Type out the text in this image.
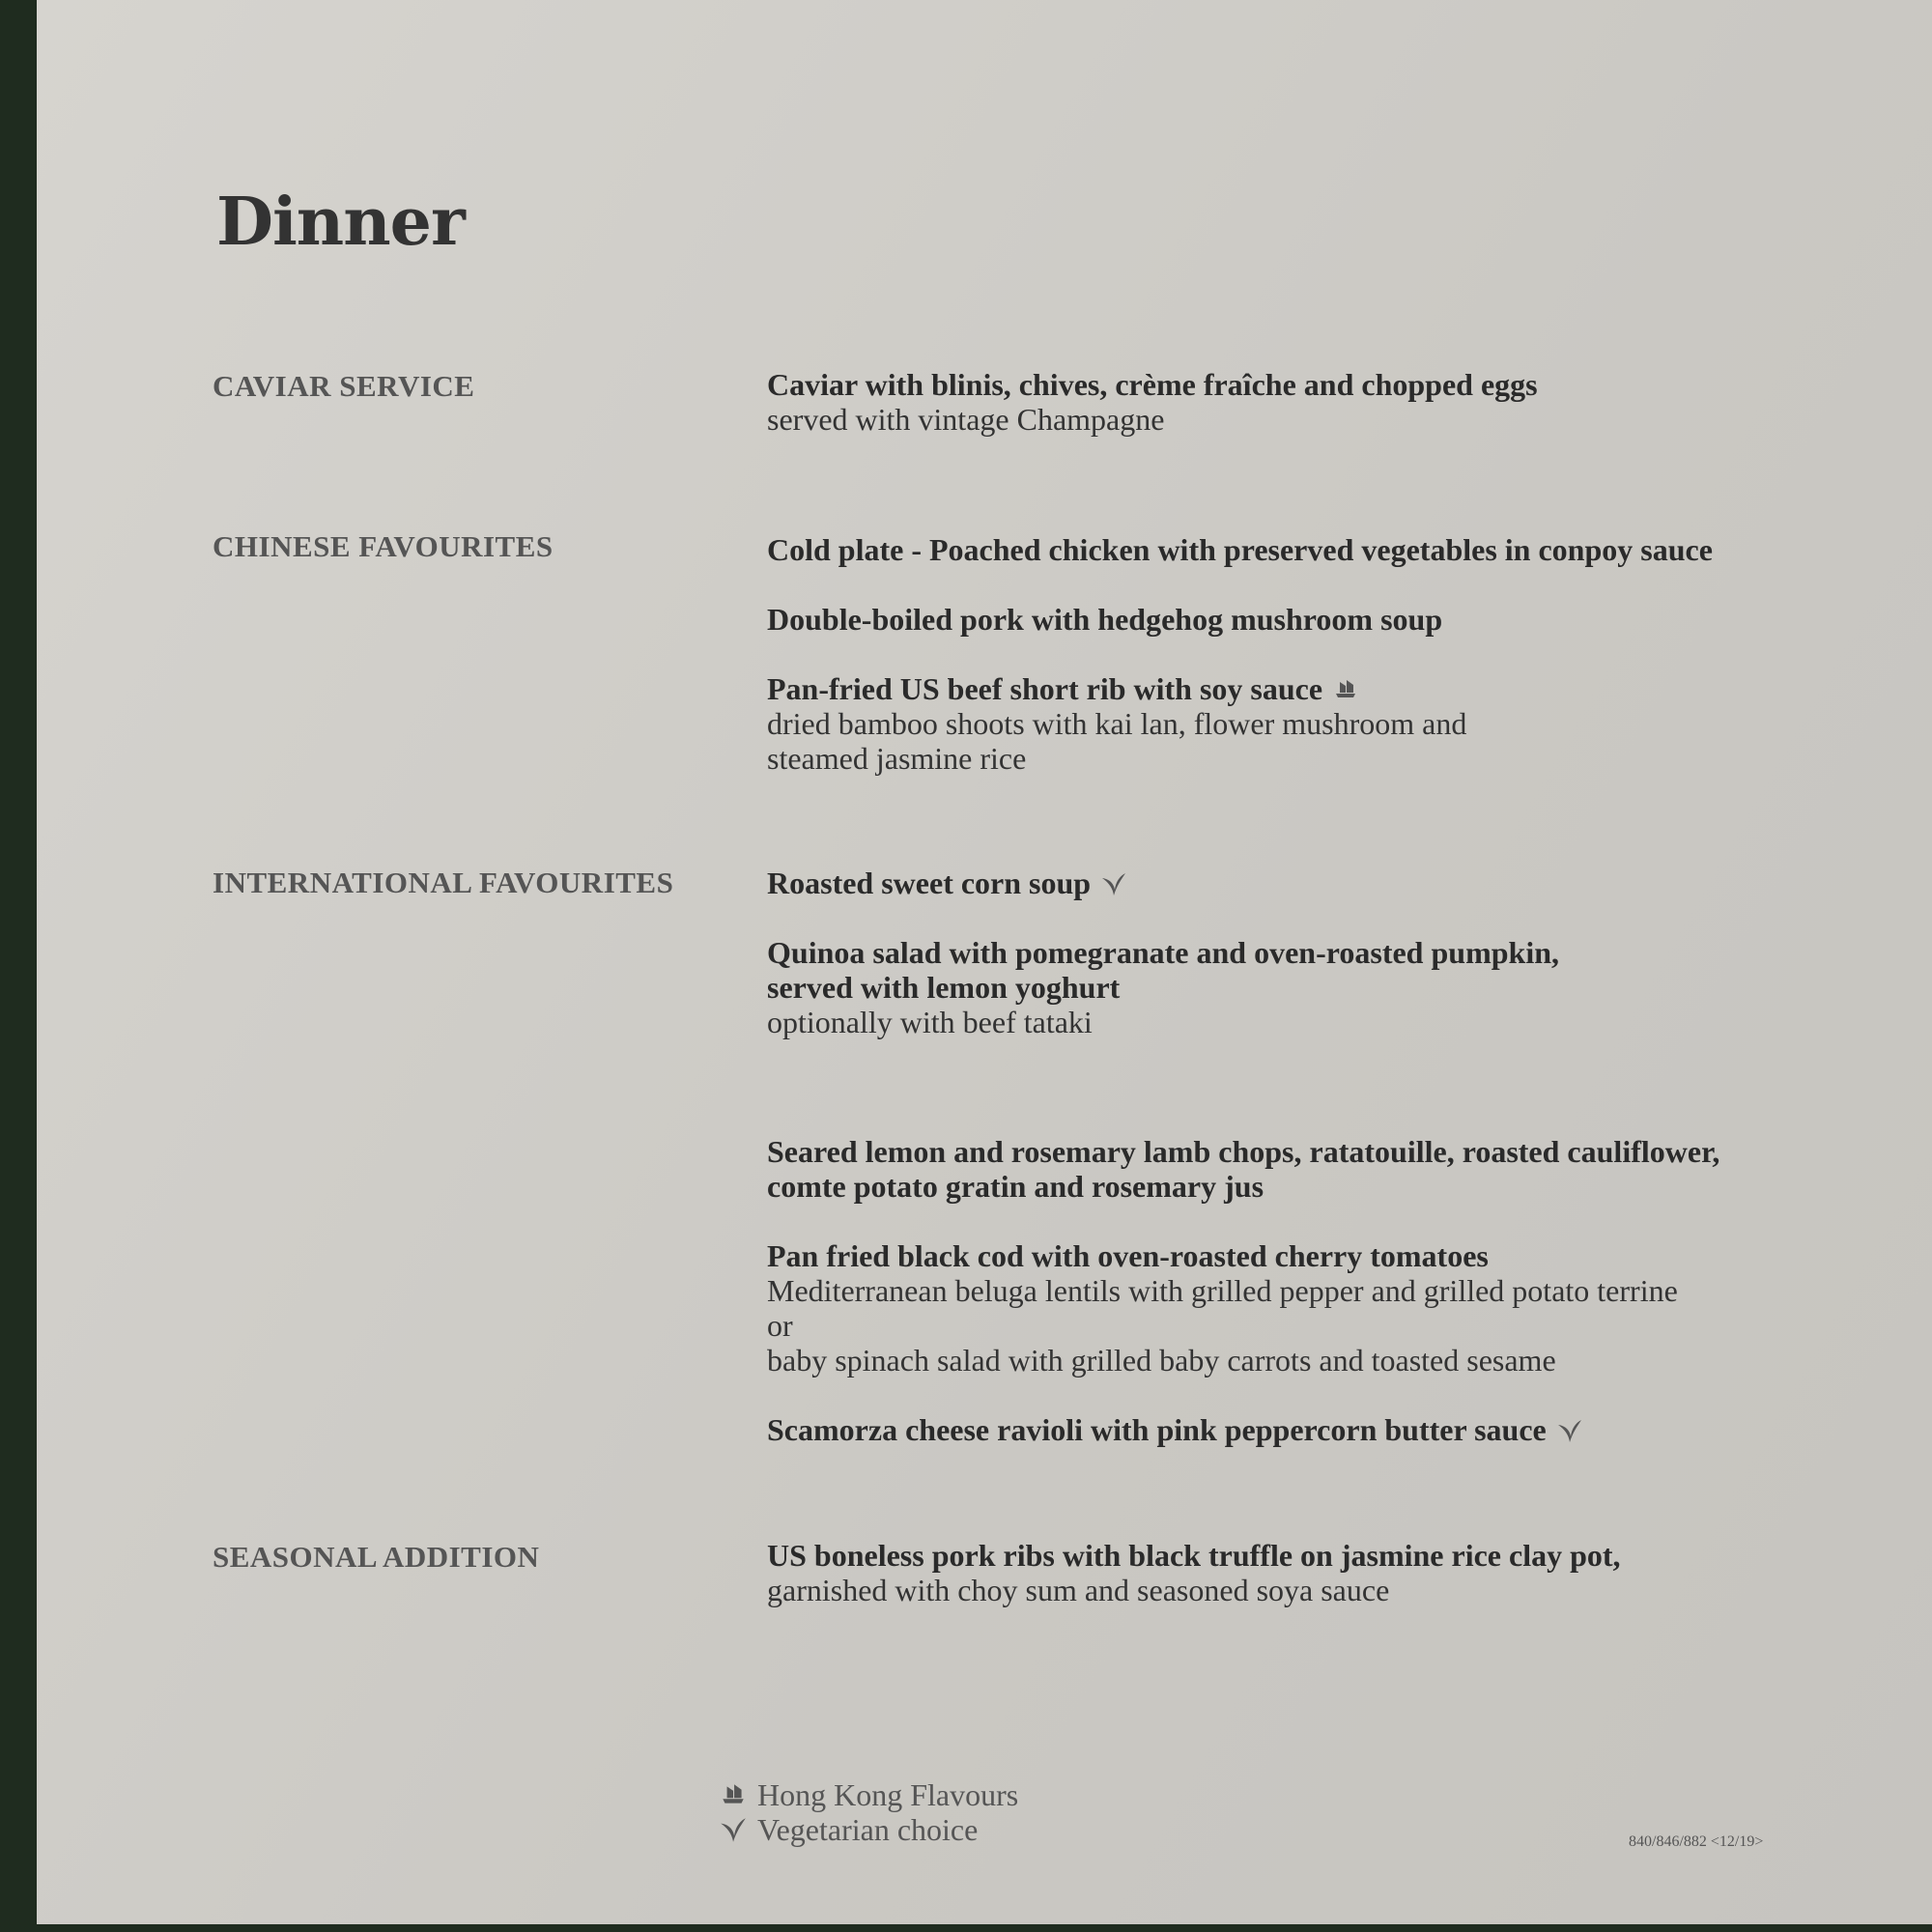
Dinner
CAVIAR SERVICE	Caviar with blinis, chives, crème fraîche and chopped eggs
served with vintage Champagne
CHINESE FAVOURITES	Cold plate - Poached chicken with preserved vegetables in conpoy sauce
Double-boiled pork with hedgehog mushroom soup
Pan-fried US beef short rib with soy sauce
dried bamboo shoots with kai lan, flower mushroom and
steamed jasmine rice
INTERNATIONAL FAVOURITES	Roasted sweet corn soup
Quinoa salad with pomegranate and oven-roasted pumpkin,
served with lemon yoghurt
optionally with beef tataki
Seared lemon and rosemary lamb chops, ratatouille, roasted cauliflower,
comte potato gratin and rosemary jus
Pan fried black cod with oven-roasted cherry tomatoes
Mediterranean beluga lentils with grilled pepper and grilled potato terrine
or
baby spinach salad with grilled baby carrots and toasted sesame
Scamorza cheese ravioli with pink peppercorn butter sauce
SEASONAL ADDITION	US boneless pork ribs with black truffle on jasmine rice clay pot,
garnished with choy sum and seasoned soya sauce
Hong Kong Flavours
Vegetarian choice	840/846/882 <12/19>
